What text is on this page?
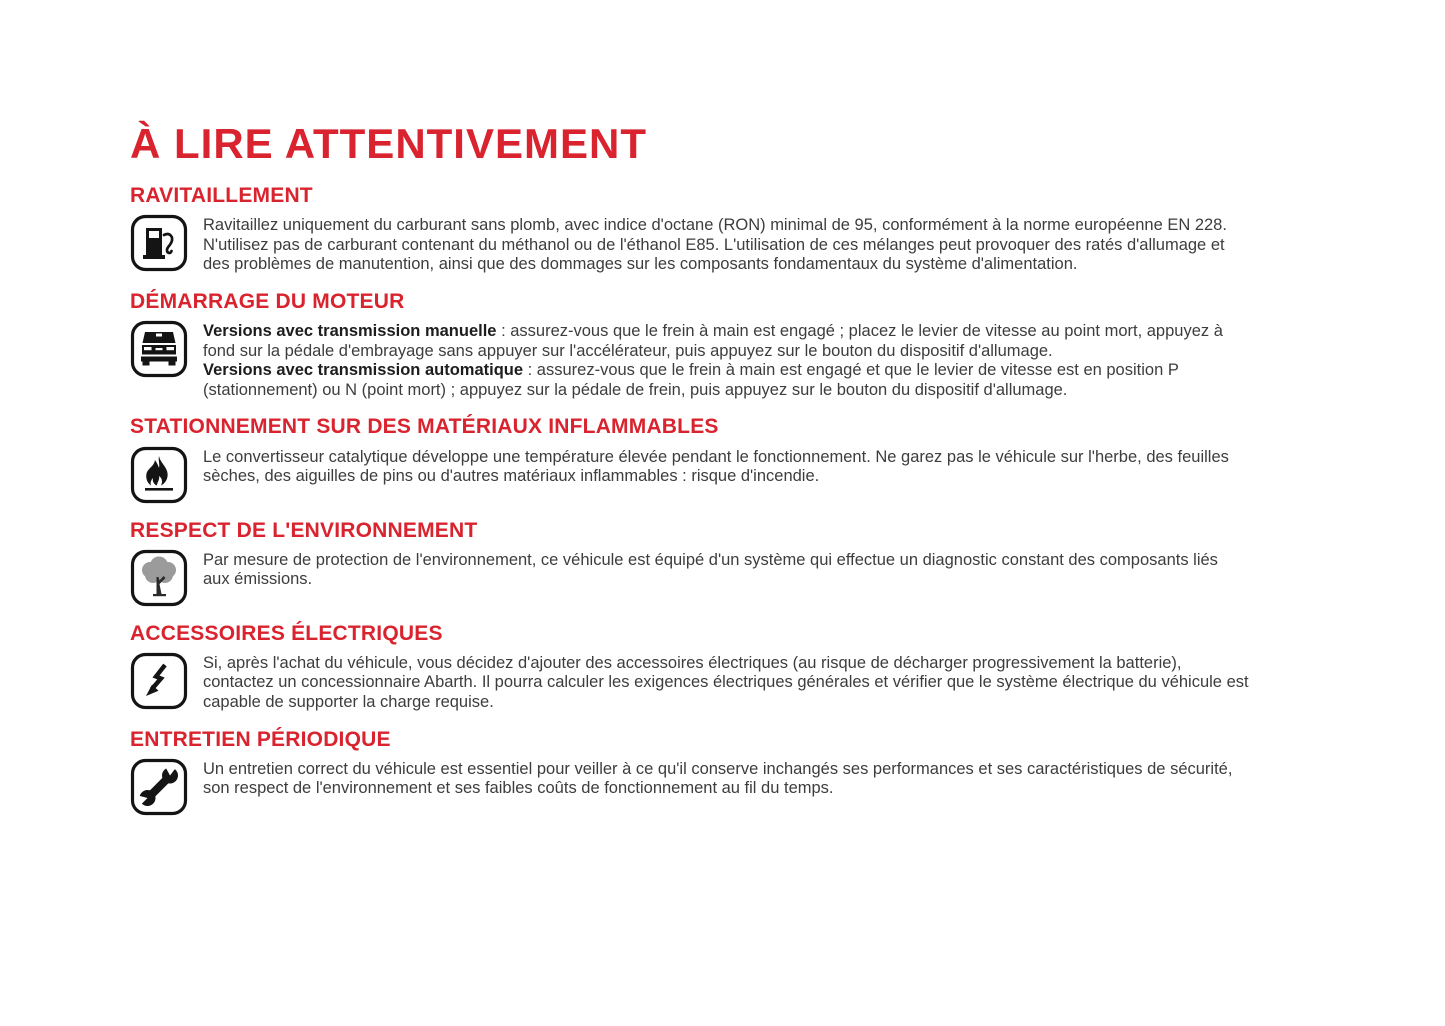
À LIRE ATTENTIVEMENT
RAVITAILLEMENT
Ravitaillez uniquement du carburant sans plomb, avec indice d'octane (RON) minimal de 95, conformément à la norme européenne EN 228.
N'utilisez pas de carburant contenant du méthanol ou de l'éthanol E85. L'utilisation de ces mélanges peut provoquer des ratés d'allumage et
des problèmes de manutention, ainsi que des dommages sur les composants fondamentaux du système d'alimentation.
DÉMARRAGE DU MOTEUR
Versions avec transmission manuelle : assurez-vous que le frein à main est engagé ; placez le levier de vitesse au point mort, appuyez à
fond sur la pédale d'embrayage sans appuyer sur l'accélérateur, puis appuyez sur le bouton du dispositif d'allumage.
Versions avec transmission automatique : assurez-vous que le frein à main est engagé et que le levier de vitesse est en position P
(stationnement) ou N (point mort) ; appuyez sur la pédale de frein, puis appuyez sur le bouton du dispositif d'allumage.
STATIONNEMENT SUR DES MATÉRIAUX INFLAMMABLES
Le convertisseur catalytique développe une température élevée pendant le fonctionnement. Ne garez pas le véhicule sur l'herbe, des feuilles
sèches, des aiguilles de pins ou d'autres matériaux inflammables : risque d'incendie.
RESPECT DE L'ENVIRONNEMENT
Par mesure de protection de l'environnement, ce véhicule est équipé d'un système qui effectue un diagnostic constant des composants liés
aux émissions.
ACCESSOIRES ÉLECTRIQUES
Si, après l'achat du véhicule, vous décidez d'ajouter des accessoires électriques (au risque de décharger progressivement la batterie),
contactez un concessionnaire Abarth. Il pourra calculer les exigences électriques générales et vérifier que le système électrique du véhicule est
capable de supporter la charge requise.
ENTRETIEN PÉRIODIQUE
Un entretien correct du véhicule est essentiel pour veiller à ce qu'il conserve inchangés ses performances et ses caractéristiques de sécurité,
son respect de l'environnement et ses faibles coûts de fonctionnement au fil du temps.
